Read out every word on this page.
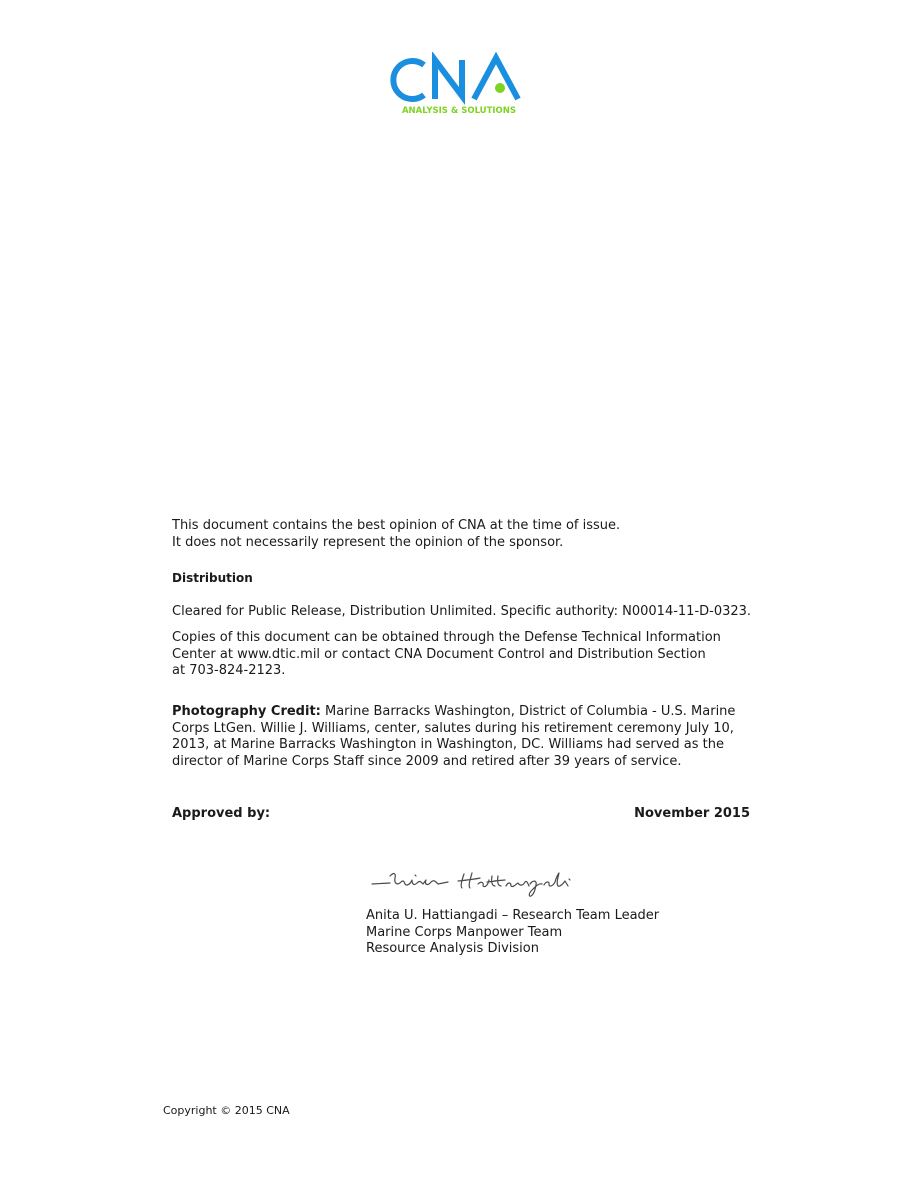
ANALYSIS & SOLUTIONS
This document contains the best opinion of CNA at the time of issue.
It does not necessarily represent the opinion of the sponsor.
Distribution
Cleared for Public Release, Distribution Unlimited. Specific authority: N00014-11-D-0323.
Copies of this document can be obtained through the Defense Technical Information
Center at www.dtic.mil or contact CNA Document Control and Distribution Section
at 703-824-2123.
Photography Credit: Marine Barracks Washington, District of Columbia - U.S. Marine
Corps LtGen. Willie J. Williams, center, salutes during his retirement ceremony July 10,
2013, at Marine Barracks Washington in Washington, DC. Williams had served as the
director of Marine Corps Staff since 2009 and retired after 39 years of service.
Approved by:	November 2015
Anita U. Hattiangadi – Research Team Leader
Marine Corps Manpower Team
Resource Analysis Division
Copyright © 2015 CNA
